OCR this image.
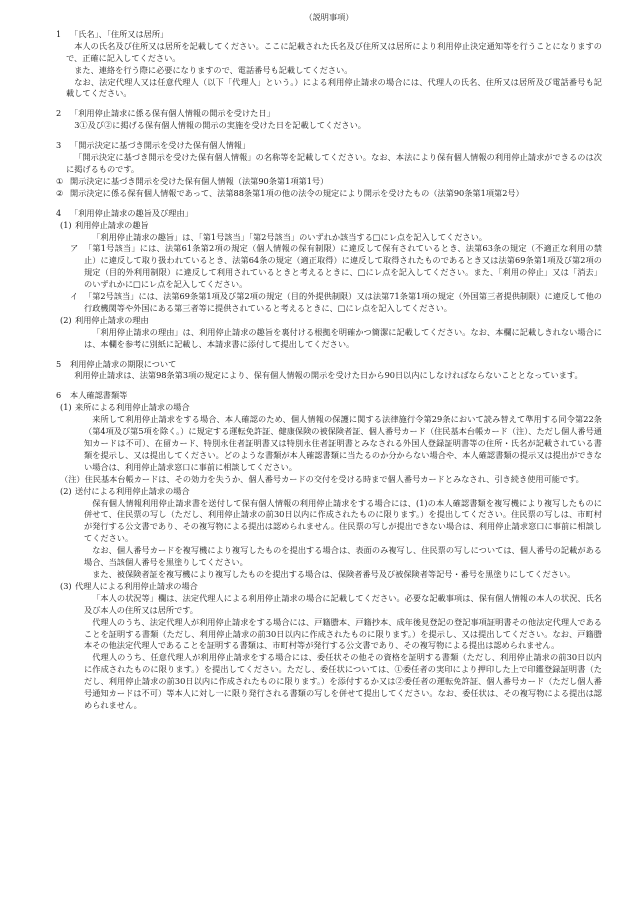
（説明事項）
1	「氏名」、「住所又は居所」
本人の氏名及び住所又は居所を記載してください。ここに記載された氏名及び住所又は居所により利用停止決定通知等を行うことになりますので、正確に記入してください。
また、連絡を行う際に必要になりますので、電話番号も記載してください。
なお、法定代理人又は任意代理人（以下「代理人」という。）による利用停止請求の場合には、代理人の氏名、住所又は居所及び電話番号も記載してください。
2	「利用停止請求に係る保有個人情報の開示を受けた日」
3①及び②に掲げる保有個人情報の開示の実施を受けた日を記載してください。
3	「開示決定に基づき開示を受けた保有個人情報」
「開示決定に基づき開示を受けた保有個人情報」の名称等を記載してください。なお、本法により保有個人情報の利用停止請求ができるのは次に掲げるものです。
① 開示決定に基づき開示を受けた保有個人情報（法第90条第1項第1号）
② 開示決定に係る保有個人情報であって、法第88条第1項の他の法令の規定により開示を受けたもの（法第90条第1項第2号）
4	「利用停止請求の趣旨及び理由」
(1) 利用停止請求の趣旨
「利用停止請求の趣旨」は、「第1号該当」「第2号該当」のいずれか該当する□にレ点を記入してください。
ア 「第1号該当」には、法第61条第2項の規定（個人情報の保有制限）に違反して保有されているとき、法第63条の規定（不適正な利用の禁止）に違反して取り扱われているとき、法第64条の規定（適正取得）に違反して取得されたものであるとき又は法第69条第1項及び第2項の規定（目的外利用制限）に違反して利用されているときと考えるときに、□にレ点を記入してください。また、「利用の停止」又は「消去」のいずれかに□にレ点を記入してください。
イ 「第2号該当」には、法第69条第1項及び第2項の規定（目的外提供制限）又は法第71条第1項の規定（外国第三者提供制限）に違反して他の行政機関等や外国にある第三者等に提供されていると考えるときに、□にレ点を記入してください。
(2) 利用停止請求の理由
「利用停止請求の理由」は、利用停止請求の趣旨を裏付ける根拠を明確かつ簡潔に記載してください。なお、本欄に記載しきれない場合には、本欄を参考に別紙に記載し、本請求書に添付して提出してください。
5	利用停止請求の期限について
利用停止請求は、法第98条第3項の規定により、保有個人情報の開示を受けた日から90日以内にしなければならないこととなっています。
6	本人確認書類等
(1) 来所による利用停止請求の場合
来所して利用停止請求をする場合、本人確認のため、個人情報の保護に関する法律施行令第29条において読み替えて準用する同令第22条（第4項及び第5項を除く。）に規定する運転免許証、健康保険の被保険者証、個人番号カード（住民基本台帳カード（注）、ただし個人番号通知カードは不可）、在留カード、特別永住者証明書又は特別永住者証明書とみなされる外国人登録証明書等の住所・氏名が記載されている書類を提示し、又は提出してください。どのような書類が本人確認書類に当たるのか分からない場合や、本人確認書類の提示又は提出ができない場合は、利用停止請求窓口に事前に相談してください。
（注） 住民基本台帳カードは、その効力を失うか、個人番号カードの交付を受ける時まで個人番号カードとみなされ、引き続き使用可能です。
(2) 送付による利用停止請求の場合
保有個人情報利用停止請求書を送付して保有個人情報の利用停止請求をする場合には、(1)の本人確認書類を複写機により複写したものに併せて、住民票の写し（ただし、利用停止請求の前30日以内に作成されたものに限ります。）を提出してください。住民票の写しは、市町村が発行する公文書であり、その複写物による提出は認められません。住民票の写しが提出できない場合は、利用停止請求窓口に事前に相談してください。
なお、個人番号カードを複写機により複写したものを提出する場合は、表面のみ複写し、住民票の写しについては、個人番号の記載がある場合、当該個人番号を黒塗りしてください。
また、被保険者証を複写機により複写したものを提出する場合は、保険者番号及び被保険者等記号・番号を黒塗りにしてください。
(3) 代理人による利用停止請求の場合
「本人の状況等」欄は、法定代理人による利用停止請求の場合に記載してください。必要な記載事項は、保有個人情報の本人の状況、氏名及び本人の住所又は居所です。
代理人のうち、法定代理人が利用停止請求をする場合には、戸籍謄本、戸籍抄本、成年後見登記の登記事項証明書その他法定代理人であることを証明する書類（ただし、利用停止請求の前30日以内に作成されたものに限ります。）を提示し、又は提出してください。なお、戸籍謄本その他法定代理人であることを証明する書類は、市町村等が発行する公文書であり、その複写物による提出は認められません。
代理人のうち、任意代理人が利用停止請求をする場合には、委任状その他その資格を証明する書類（ただし、利用停止請求の前30日以内に作成されたものに限ります。）を提出してください。ただし、委任状については、①委任者の実印により押印した上で印鑑登録証明書（ただし、利用停止請求の前30日以内に作成されたものに限ります。）を添付するか又は②委任者の運転免許証、個人番号カード（ただし個人番号通知カードは不可）等本人に対し一に限り発行される書類の写しを併せて提出してください。なお、委任状は、その複写物による提出は認められません。
